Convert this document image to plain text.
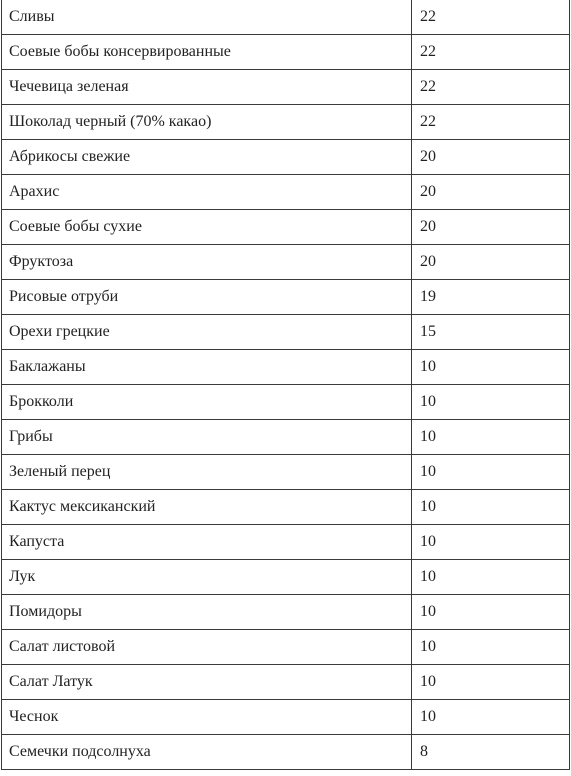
Сливы	22
Соевые бобы консервированные	22
Чечевица зеленая	22
Шоколад черный (70% какао)	22
Абрикосы свежие	20
Арахис	20
Соевые бобы сухие	20
Фруктоза	20
Рисовые отруби	19
Орехи грецкие	15
Баклажаны	10
Брокколи	10
Грибы	10
Зеленый перец	10
Кактус мексиканский	10
Капуста	10
Лук	10
Помидоры	10
Салат листовой	10
Салат Латук	10
Чеснок	10
Семечки подсолнуха	8
